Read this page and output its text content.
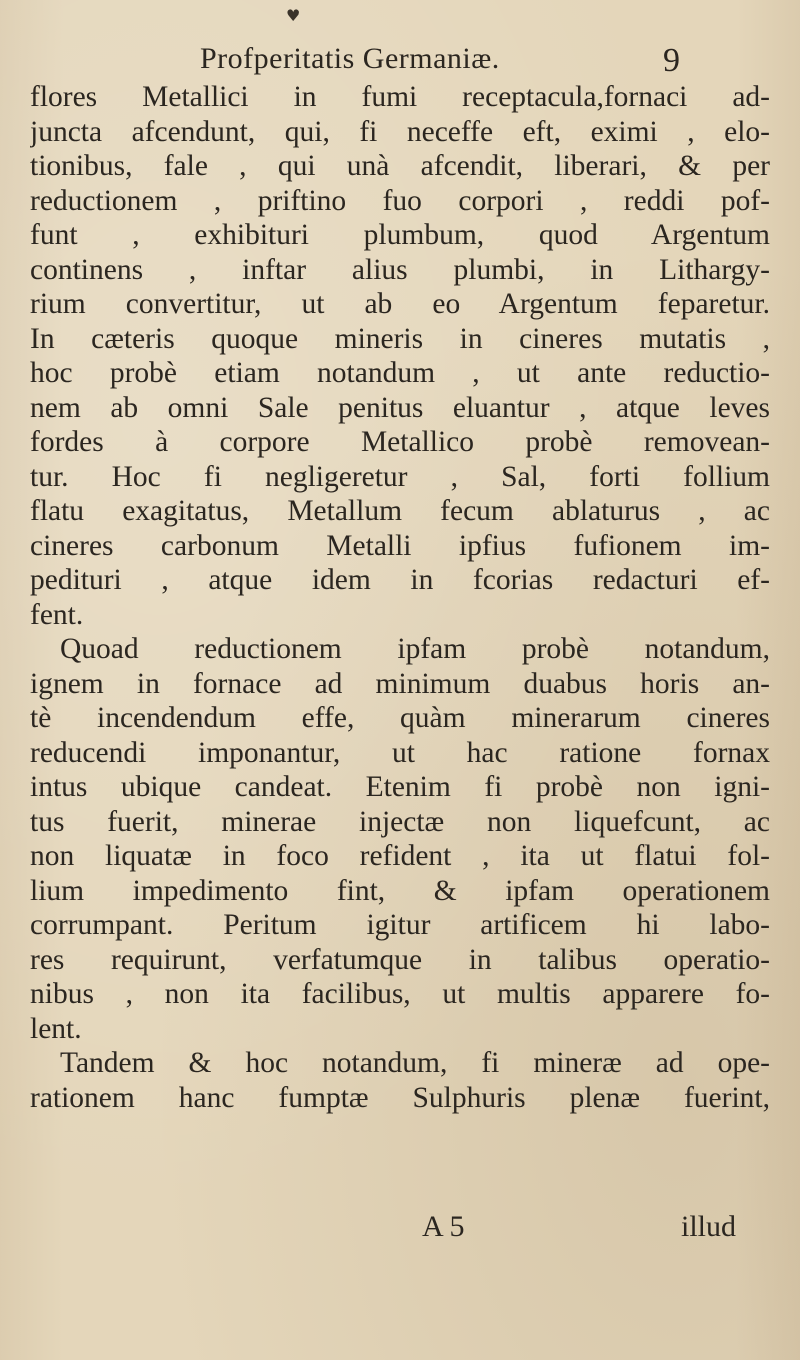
♥
Profperitatis Germaniæ.	9
flores Metallici in fumi receptacula,fornaci ad-
juncta afcendunt, qui, fi neceffe eft, eximi , elo-
tionibus, fale , qui unà afcendit, liberari, & per
reductionem , priftino fuo corpori , reddi pof-
funt , exhibituri plumbum, quod Argentum
continens , inftar alius plumbi, in Lithargy-
rium convertitur, ut ab eo Argentum feparetur.
In cæteris quoque mineris in cineres mutatis ,
hoc probè etiam notandum , ut ante reductio-
nem ab omni Sale penitus eluantur , atque leves
fordes à corpore Metallico probè removean-
tur. Hoc fi negligeretur , Sal, forti follium
flatu exagitatus, Metallum fecum ablaturus , ac
cineres carbonum Metalli ipfius fufionem im-
pedituri , atque idem in fcorias redacturi ef-
fent.
Quoad reductionem ipfam probè notandum,
ignem in fornace ad minimum duabus horis an-
tè incendendum effe, quàm minerarum cineres
reducendi imponantur, ut hac ratione fornax
intus ubique candeat. Etenim fi probè non igni-
tus fuerit, minerae injectæ non liquefcunt, ac
non liquatæ in foco refident , ita ut flatui fol-
lium impedimento fint, & ipfam operationem
corrumpant. Peritum igitur artificem hi labo-
res requirunt, verfatumque in talibus operatio-
nibus , non ita facilibus, ut multis apparere fo-
lent.
Tandem & hoc notandum, fi mineræ ad ope-
rationem hanc fumptæ Sulphuris plenæ fuerint,
A 5	illud
